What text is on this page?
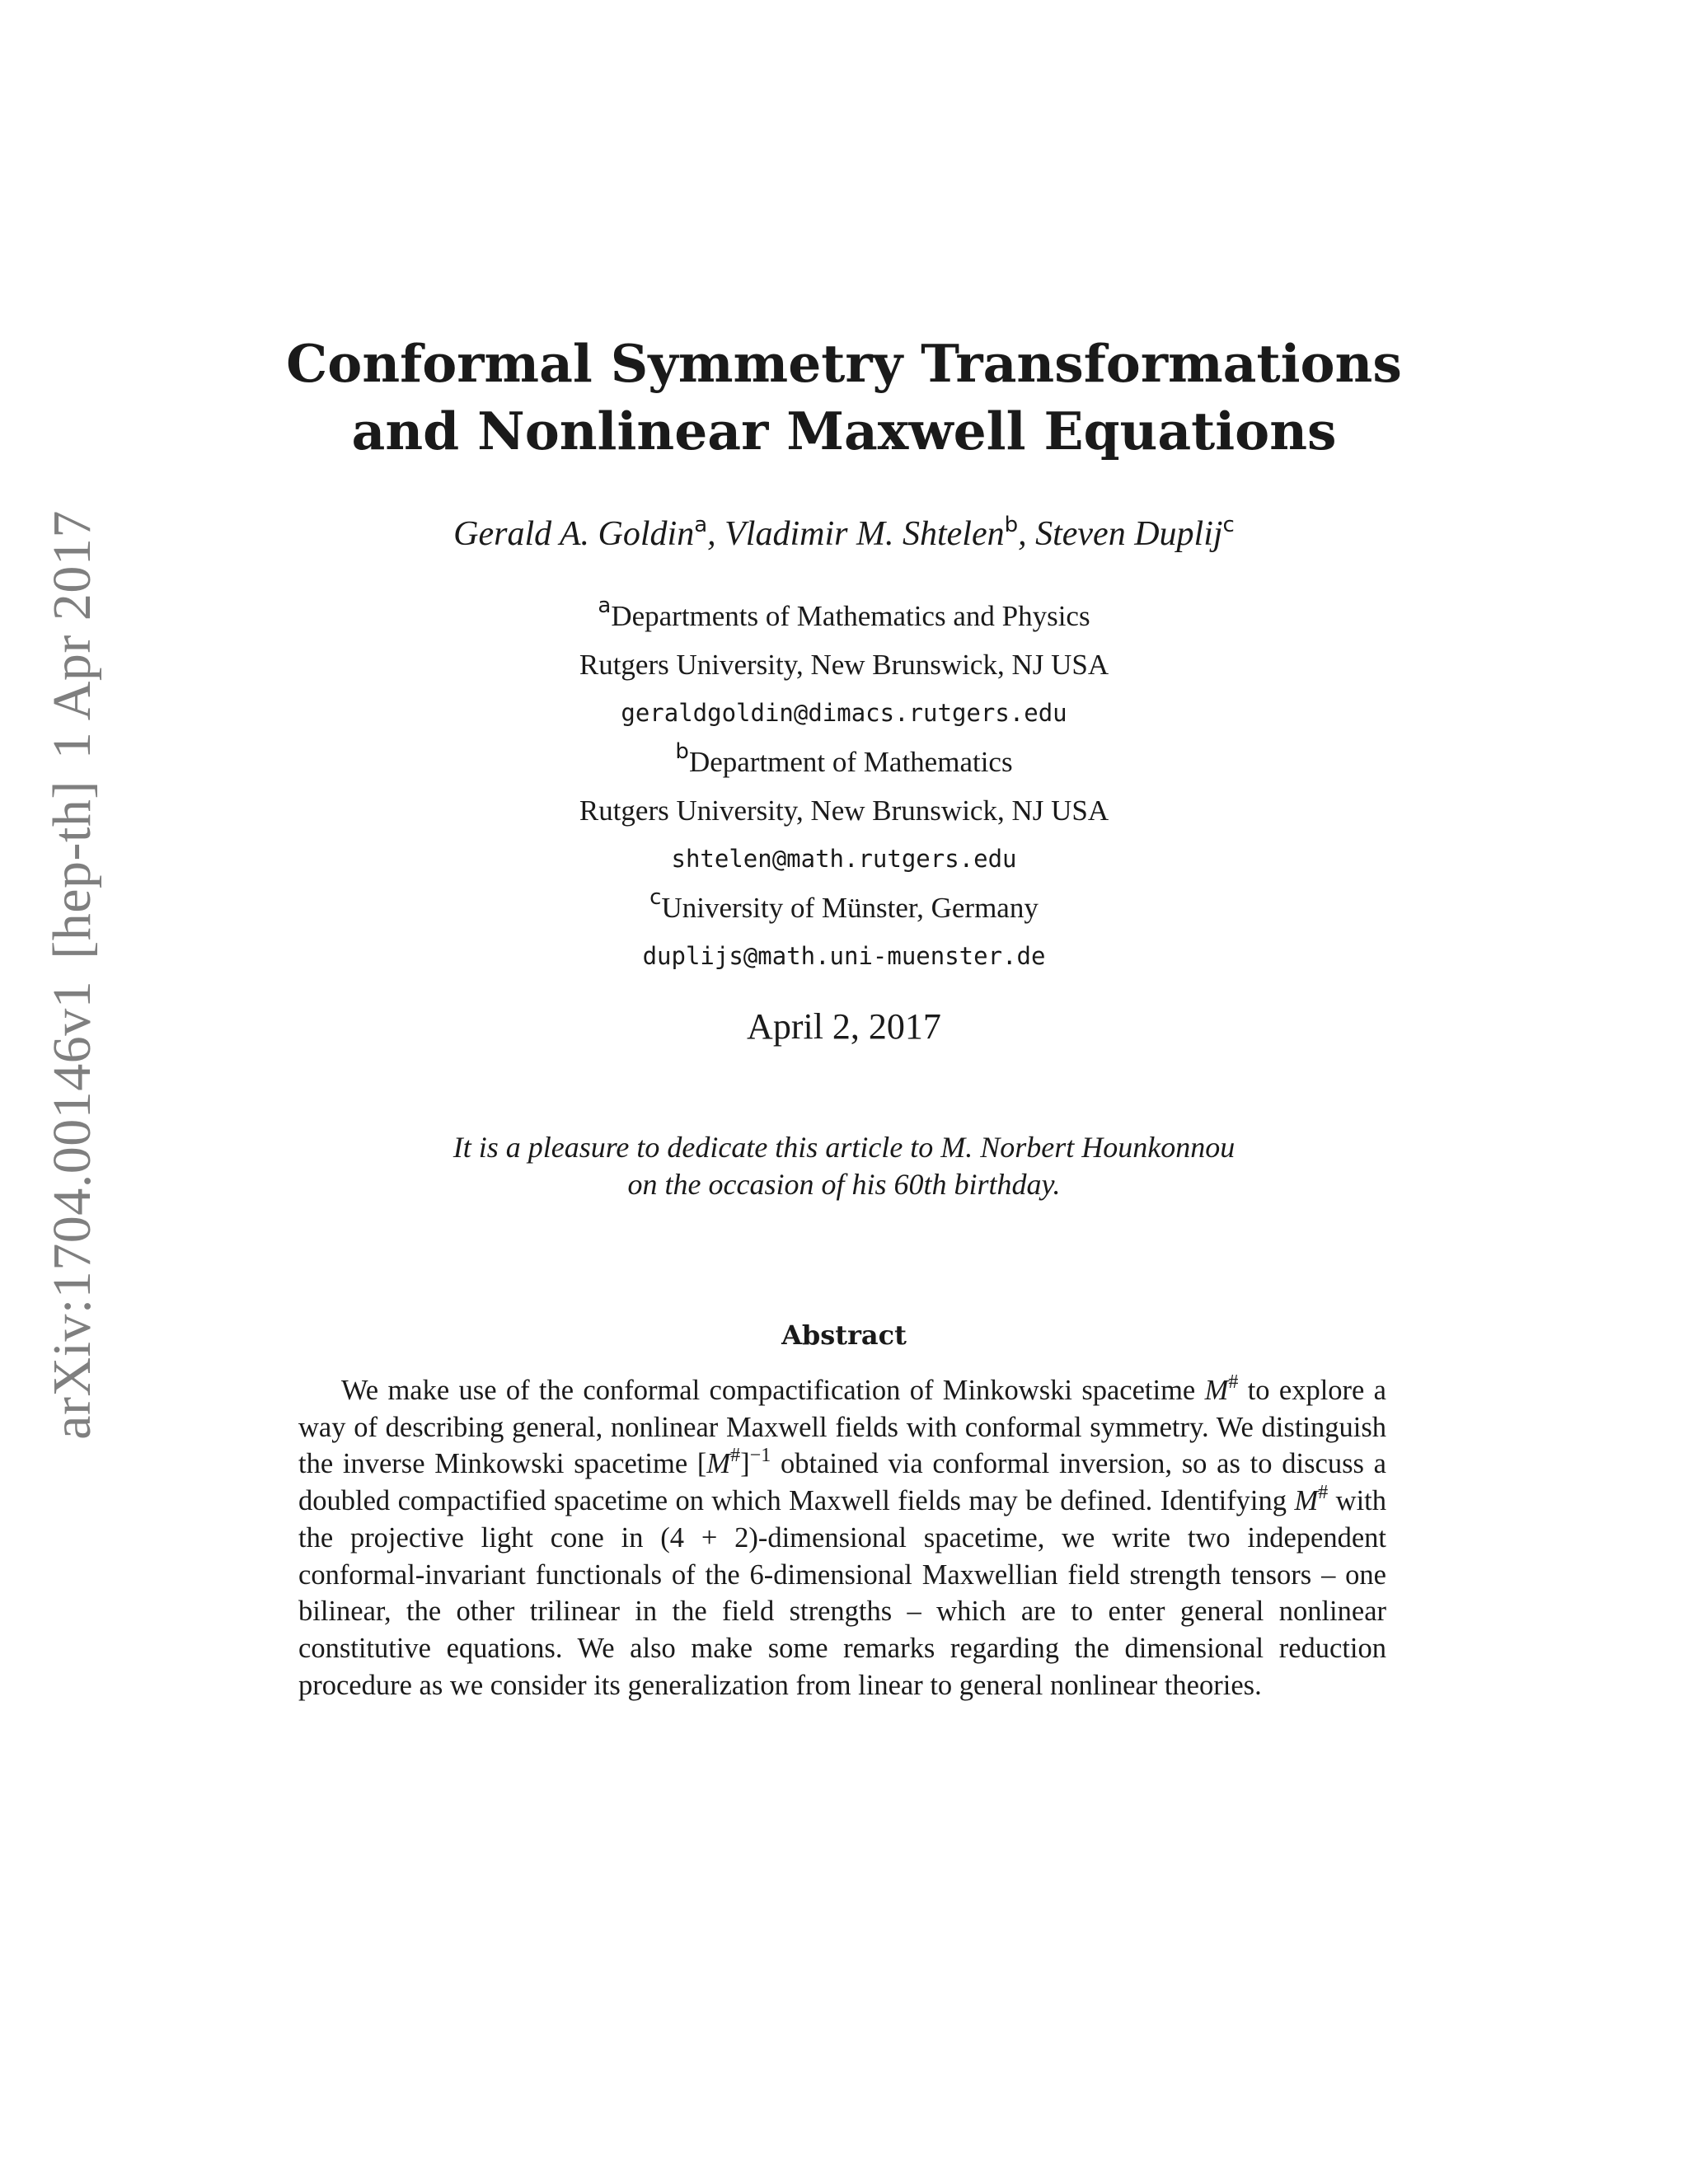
arXiv:1704.00146v1[hep-th]1 Apr 2017
Conformal Symmetry Transformations
and Nonlinear Maxwell Equations
Gerald A. Goldin$^a$, Vladimir M. Shtelen$^b$, Steven Duplij$^c$
$^a$Departments of Mathematics and Physics
Rutgers University, New Brunswick, NJ USA
geraldgoldin@dimacs.rutgers.edu
$^b$Department of Mathematics
Rutgers University, New Brunswick, NJ USA
shtelen@math.rutgers.edu
$^c$University of Münster, Germany
duplijs@math.uni-muenster.de
April 2, 2017
It is a pleasure to dedicate this article to M. Norbert Hounkonnou
on the occasion of his 60th birthday.
Abstract

We make use of the conformal compactification of Minkowski spacetime M# to explore a way of describing general, nonlinear Maxwell fields with conformal symmetry. We distinguish the inverse Minkowski spacetime $[M^{\#}]^{-1}$ obtained via conformal inversion, so as to discuss a doubled compactified spacetime on which Maxwell fields may be defined. Identifying M# with the projective light cone in (4 + 2)-dimensional spacetime, we write two independent conformal-invariant functionals of the 6-dimensional Maxwellian field strength tensors – one bilinear, the other trilinear in the field strengths – which are to enter general nonlinear constitutive equations. We also make some remarks regarding the dimensional reduction procedure as we consider its generalization from linear to general nonlinear theories.
